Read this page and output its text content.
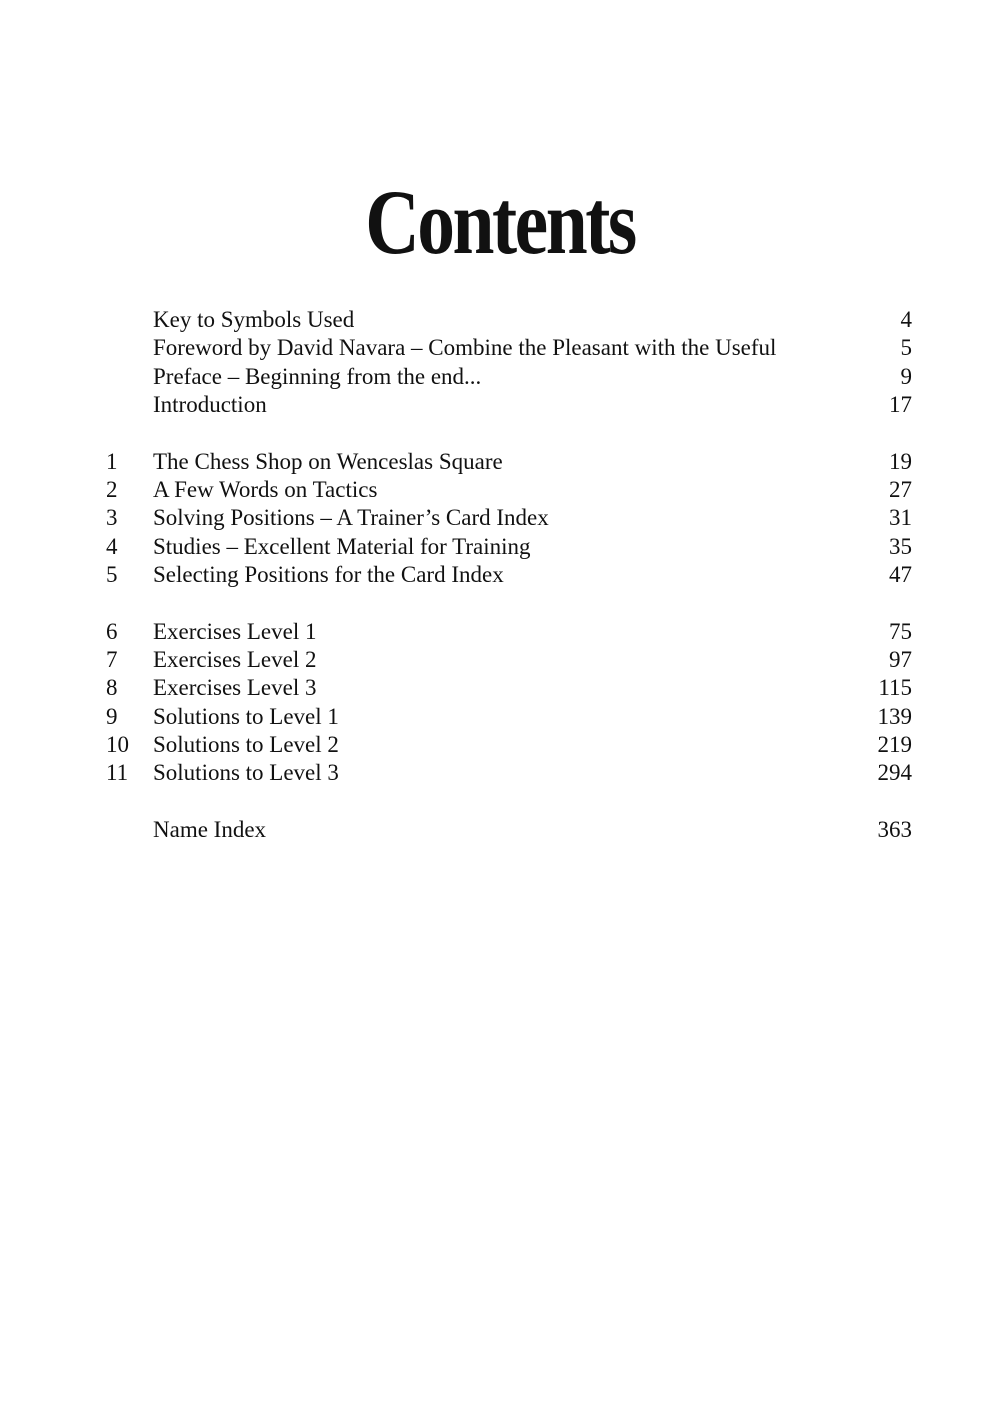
Contents
Key to Symbols Used	4
Foreword by David Navara – Combine the Pleasant with the Useful	5
Preface – Beginning from the end...	9
Introduction	17
1	The Chess Shop on Wenceslas Square	19
2	A Few Words on Tactics	27
3	Solving Positions – A Trainer’s Card Index	31
4	Studies – Excellent Material for Training	35
5	Selecting Positions for the Card Index	47
6	Exercises Level 1	75
7	Exercises Level 2	97
8	Exercises Level 3	115
9	Solutions to Level 1	139
10	Solutions to Level 2	219
11	Solutions to Level 3	294
Name Index	363
